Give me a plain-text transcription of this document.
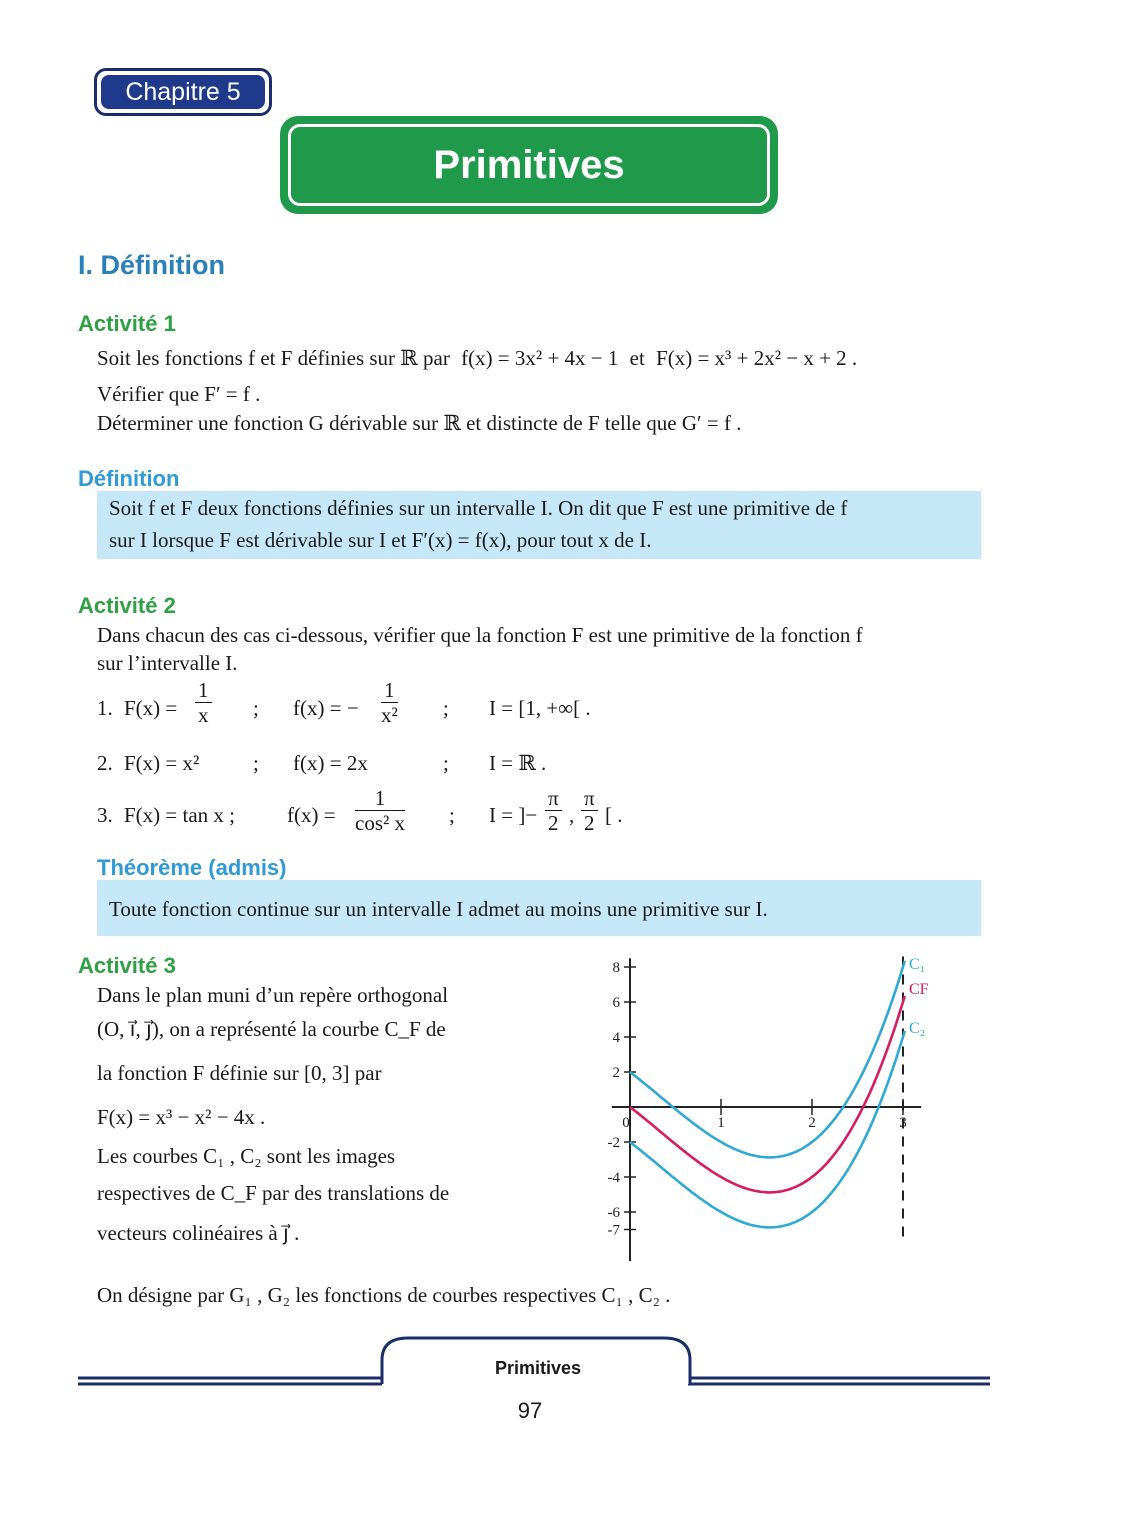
Chapitre 5
Primitives
I. Définition
Activité 1
Soit les fonctions f et F définies sur ℝ par f(x) = 3x² + 4x − 1 et F(x) = x³ + 2x² − x + 2 .
Vérifier que F′ = f .
Déterminer une fonction G dérivable sur ℝ et distincte de F telle que G′ = f .
Définition
Soit f et F deux fonctions définies sur un intervalle I. On dit que F est une primitive de f
sur I lorsque F est dérivable sur I et F′(x) = f(x), pour tout x de I.
Activité 2
Dans chacun des cas ci-dessous, vérifier que la fonction F est une primitive de la fonction f
sur l’intervalle I.
1. $F(x) = \frac{1}{x}$ ; f(x) = − $\frac{1}{\text{x²}}$ ; I = [1, +∞[ .
2. F(x) = x²	; f(x) = 2x	; I = ℝ .
3. F(x) = tan x ; $f(x) = \frac{1}{\text{cos² x}}$ ; I = ]− $\frac{\pi}{2}$ , $\frac{\pi}{2}$ [ .
Théorème (admis)
Toute fonction continue sur un intervalle I admet au moins une primitive sur I.
Activité 3
Dans le plan muni d’un repère orthogonal
(O, i⃗, j⃗), on a représenté la courbe C_F de
la fonction F définie sur [0, 3] par
F(x) = x³ − x² − 4x .
Les courbes C₁ , C₂ sont les images
respectives de C_F par des translations de
vecteurs colinéaires à j⃗ .
8
6
4
2
-2
-4
-6
-7
0	1	2	3
C₁
CF
C₂
On désigne par G₁ , G₂ les fonctions de courbes respectives C₁ , C₂ .
Primitives
97
